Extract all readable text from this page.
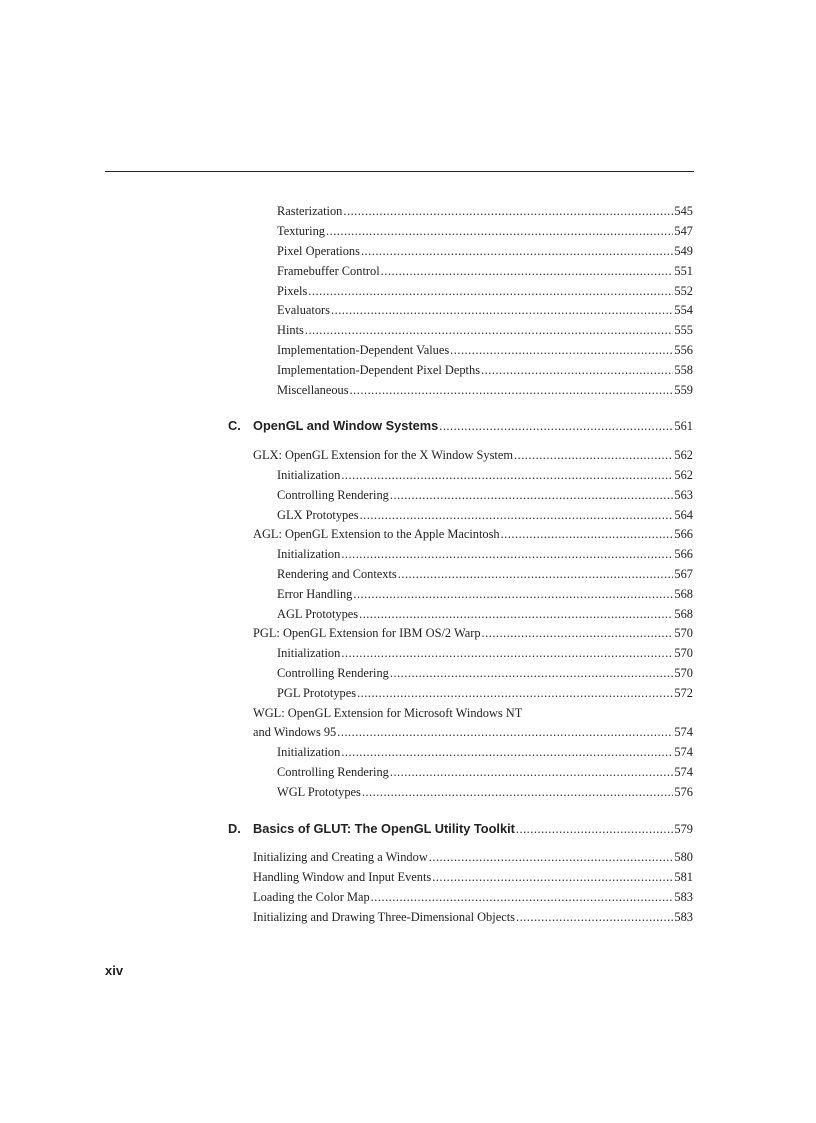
Rasterization .....	545
Texturing .....	547
Pixel Operations .....	549
Framebuffer Control .....	551
Pixels .....	552
Evaluators .....	554
Hints .....	555
Implementation-Dependent Values .....	556
Implementation-Dependent Pixel Depths .....	558
Miscellaneous .....	559
C. OpenGL and Window Systems .....	561
GLX: OpenGL Extension for the X Window System .....	562
Initialization .....	562
Controlling Rendering .....	563
GLX Prototypes .....	564
AGL: OpenGL Extension to the Apple Macintosh .....	566
Initialization .....	566
Rendering and Contexts .....	567
Error Handling .....	568
AGL Prototypes .....	568
PGL: OpenGL Extension for IBM OS/2 Warp .....	570
Initialization .....	570
Controlling Rendering .....	570
PGL Prototypes .....	572
WGL: OpenGL Extension for Microsoft Windows NT
and Windows 95 .....	574
Initialization .....	574
Controlling Rendering .....	574
WGL Prototypes .....	576
D. Basics of GLUT: The OpenGL Utility Toolkit .....	579
Initializing and Creating a Window .....	580
Handling Window and Input Events .....	581
Loading the Color Map .....	583
Initializing and Drawing Three-Dimensional Objects .....	583
xiv
